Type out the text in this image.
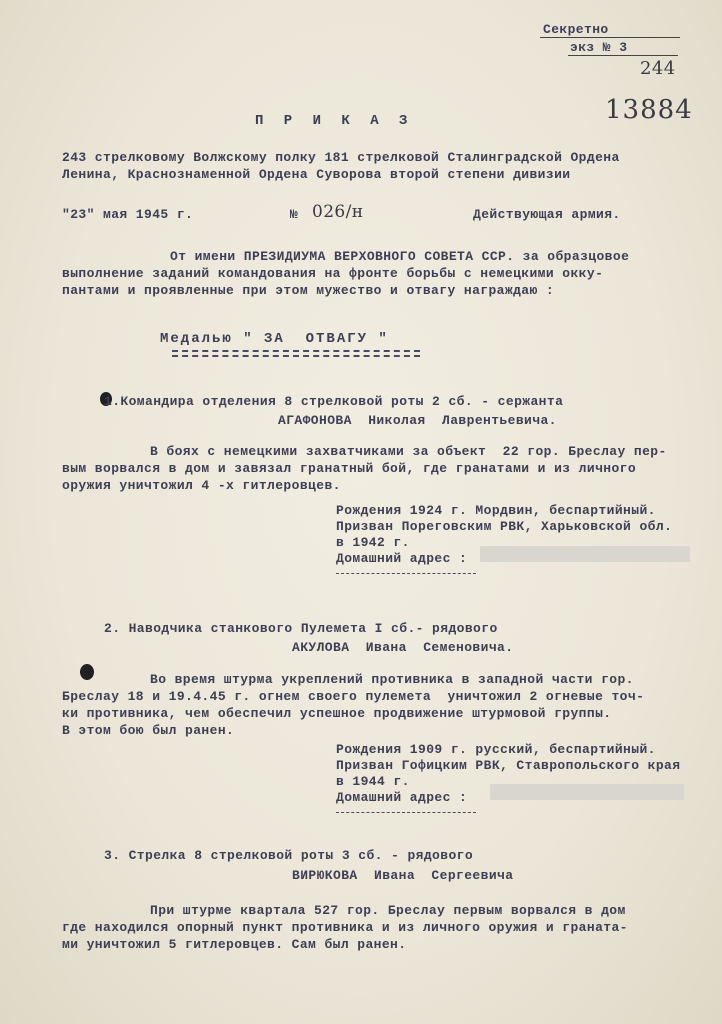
Секретно
экз № 3
244
13884
П Р И К А З
243 стрелковому Волжскому полку 181 стрелковой Сталинградской Ордена
Ленина, Краснознаменной Ордена Суворова второй степени дивизии
"23" мая 1945 г.	№ 026/н	Действующая армия.
От имени ПРЕЗИДИУМА ВЕРХОВНОГО СОВЕТА ССР. за образцовое
выполнение заданий командования на фронте борьбы с немецкими окку-
пантами и проявленные при этом мужество и отвагу награждаю :
Медалью " ЗА  ОТВАГУ "
1.Командира отделения 8 стрелковой роты 2 сб. - сержанта
АГАФОНОВА  Николая  Лаврентьевича.
В боях с немецкими захватчиками за объект  22 гор. Бреслау пер-
вым ворвался в дом и завязал гранатный бой, где гранатами и из личного
оружия уничтожил 4 -х гитлеровцев.
Рождения 1924 г. Мордвин, беспартийный.
Призван Пореговским РВК, Харьковской обл.
в 1942 г.
Домашний адрес :
2. Наводчика станкового Пулемета I сб.- рядового
АКУЛОВА  Ивана  Семеновича.
Во время штурма укреплений противника в западной части гор.
Бреслау 18 и 19.4.45 г. огнем своего пулемета  уничтожил 2 огневые точ-
ки противника, чем обеспечил успешное продвижение штурмовой группы.
В этом бою был ранен.
Рождения 1909 г. русский, беспартийный.
Призван Гофицким РВК, Ставропольского края
в 1944 г.
Домашний адрес :
3. Стрелка 8 стрелковой роты 3 сб. - рядового
ВИРЮКОВА  Ивана  Сергеевича
При штурме квартала 527 гор. Бреслау первым ворвался в дом
где находился опорный пункт противника и из личного оружия и граната-
ми уничтожил 5 гитлеровцев. Сам был ранен.
